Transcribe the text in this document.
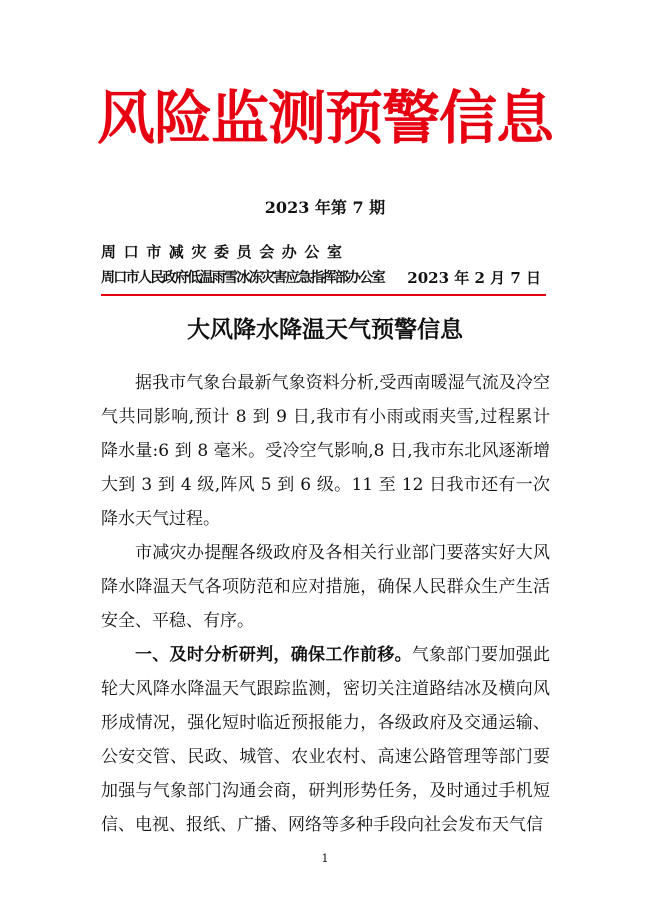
风险监测预警信息
2023 年第 7 期
周口市减灾委员会办公室
周口市人民政府低温雨雪冰冻灾害应急指挥部办公室 2023 年 2 月 7 日
大风降水降温天气预警信息

据我市气象台最新气象资料分析,受西南暖湿气流及冷空气共同影响,预计 8 到 9 日,我市有小雨或雨夹雪,过程累计降水量:6 到 8 毫米。受冷空气影响,8 日,我市东北风逐渐增大到 3 到 4 级,阵风 5 到 6 级。11 至 12 日我市还有一次降水天气过程。

市减灾办提醒各级政府及各相关行业部门要落实好大风降水降温天气各项防范和应对措施，确保人民群众生产生活安全、平稳、有序。

一、及时分析研判，确保工作前移。气象部门要加强此轮大风降水降温天气跟踪监测，密切关注道路结冰及横向风形成情况，强化短时临近预报能力，各级政府及交通运输、公安交管、民政、城管、农业农村、高速公路管理等部门要加强与气象部门沟通会商，研判形势任务，及时通过手机短信、电视、报纸、广播、网络等多种手段向社会发布天气信

1
